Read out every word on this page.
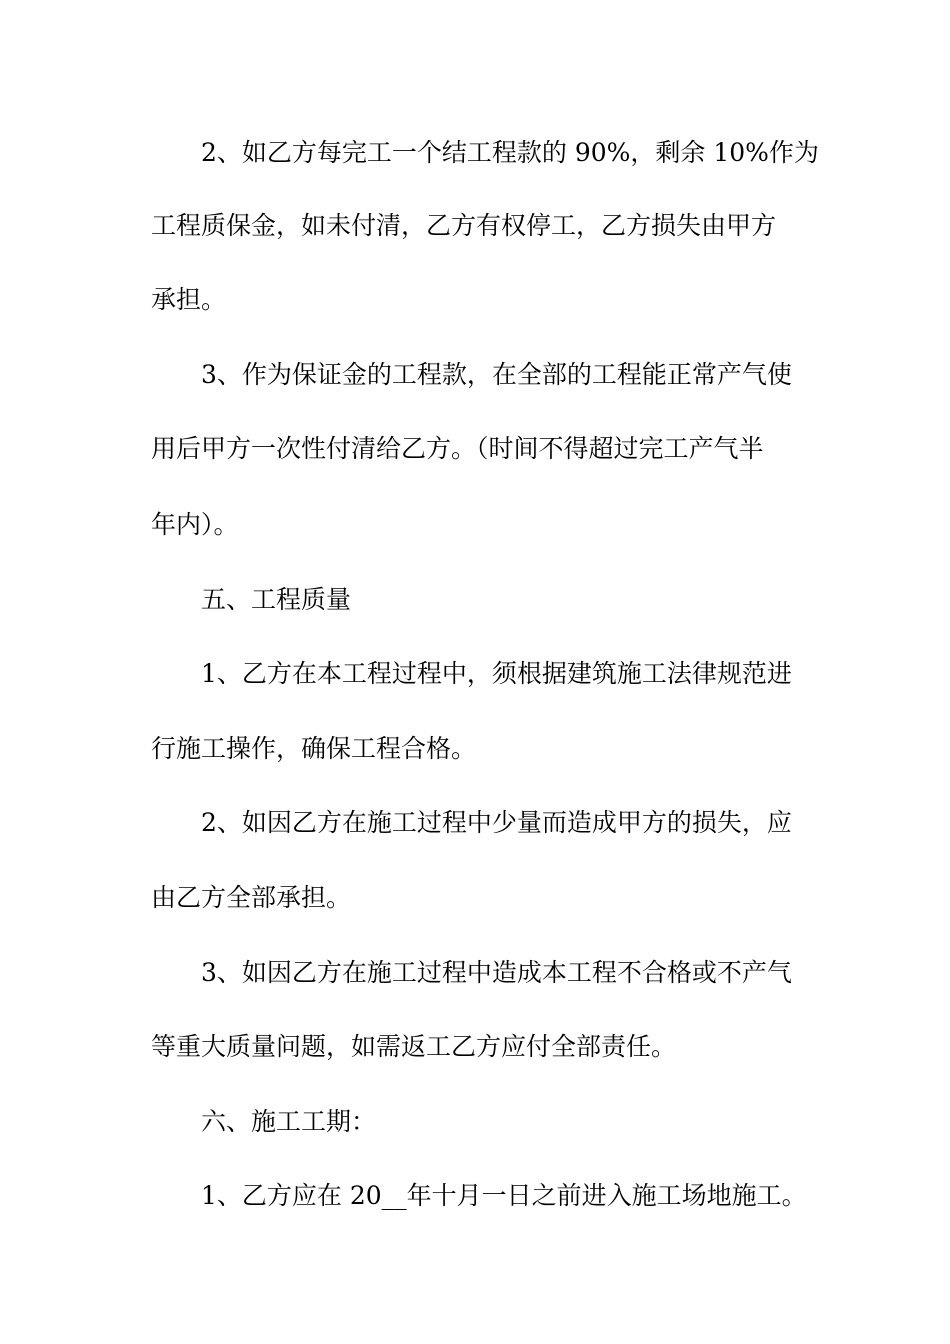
2、如乙方每完工一个结工程款的 90%，剩余 10%作为
工程质保金，如未付清，乙方有权停工，乙方损失由甲方
承担。
3、作为保证金的工程款，在全部的工程能正常产气使
用后甲方一次性付清给乙方。（时间不得超过完工产气半
年内）。
五、工程质量
1、乙方在本工程过程中，须根据建筑施工法律规范进
行施工操作，确保工程合格。
2、如因乙方在施工过程中少量而造成甲方的损失，应
由乙方全部承担。
3、如因乙方在施工过程中造成本工程不合格或不产气
等重大质量问题，如需返工乙方应付全部责任。
六、施工工期：
1、乙方应在 20__年十月一日之前进入施工场地施工。
